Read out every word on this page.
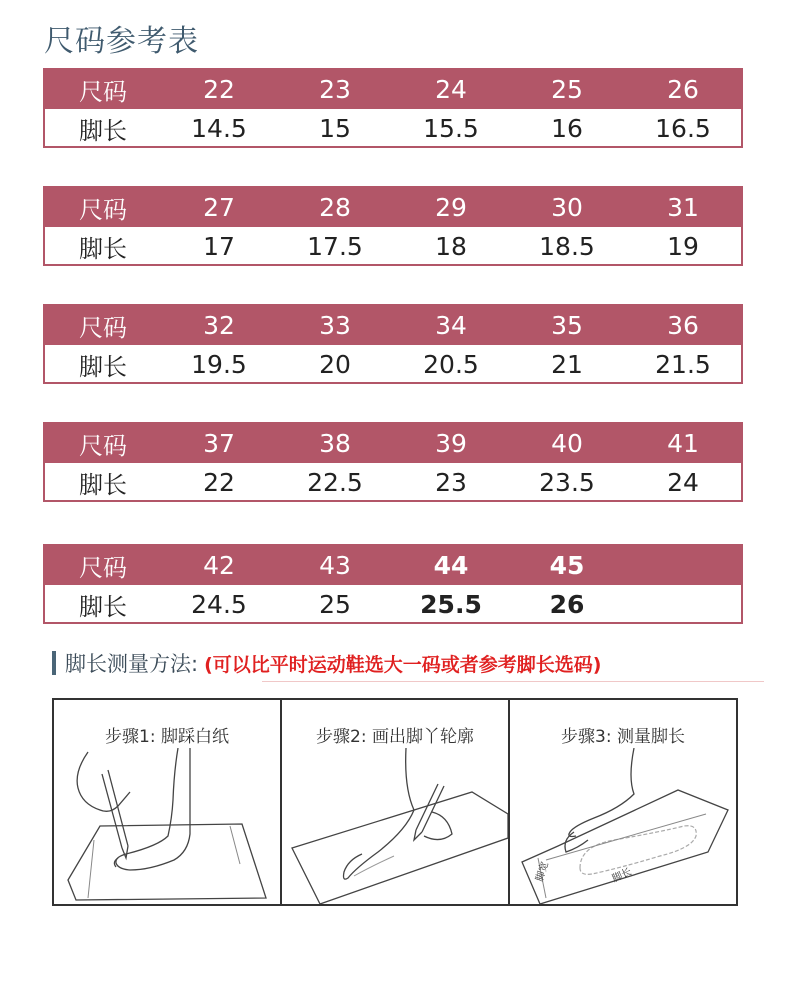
尺码参考表
尺码	22	23	24	25	26
脚长	14.5	15	15.5	16	16.5
尺码	27	28	29	30	31
脚长	17	17.5	18	18.5	19
尺码	32	33	34	35	36
脚长	19.5	20	20.5	21	21.5
尺码	37	38	39	40	41
脚长	22	22.5	23	23.5	24
尺码	42	43	44	45
脚长	24.5	25	25.5	26
脚长测量方法: (可以比平时运动鞋选大一码或者参考脚长选码)
步骤1: 脚踩白纸	步骤2: 画出脚丫轮廓	步骤3: 测量脚长
脚宽	脚长
